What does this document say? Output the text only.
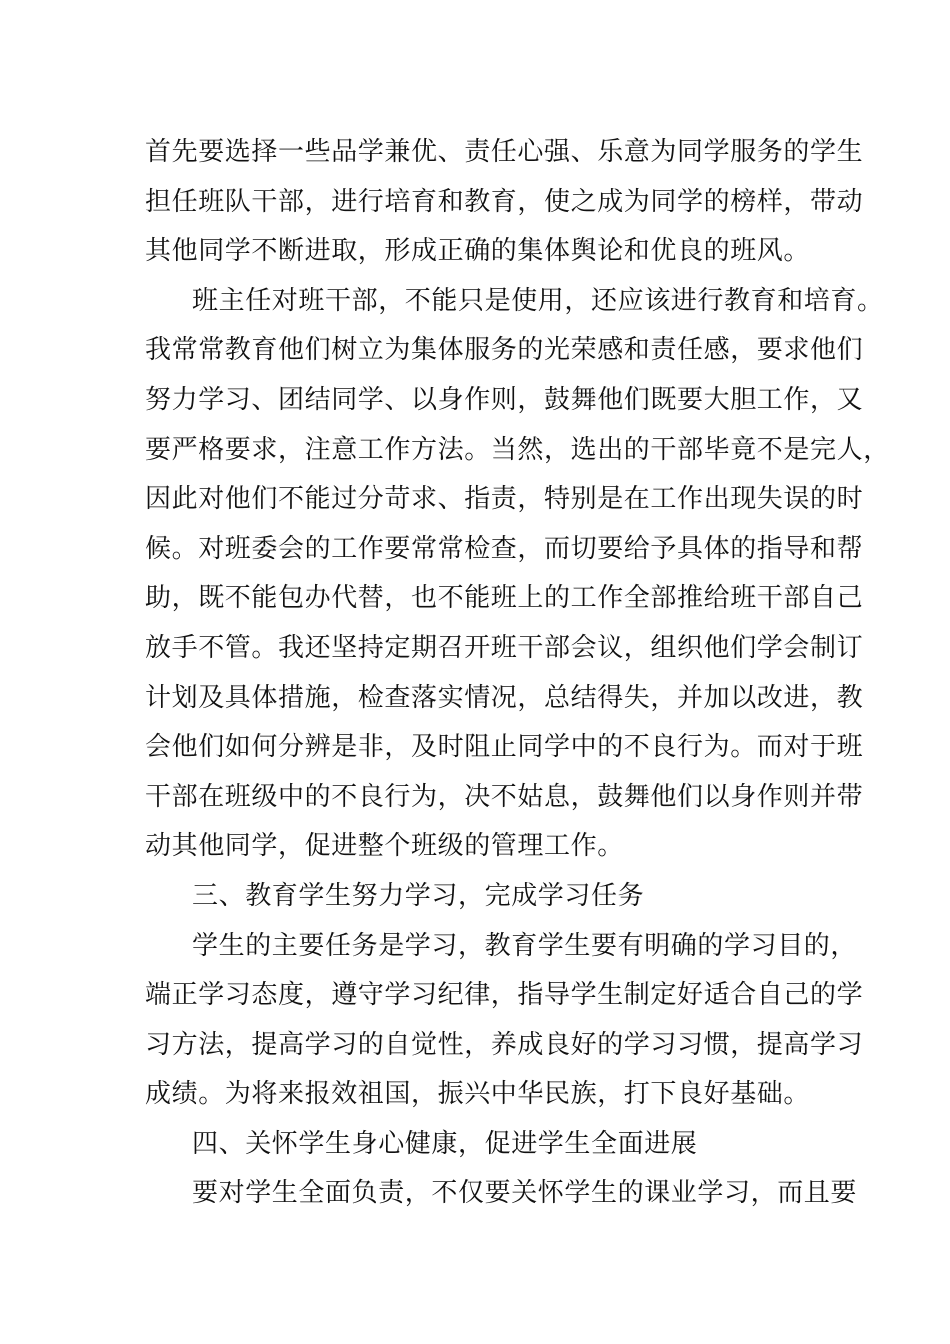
首先要选择一些品学兼优、责任心强、乐意为同学服务的学生
担任班队干部，进行培育和教育，使之成为同学的榜样，带动
其他同学不断进取，形成正确的集体舆论和优良的班风。
班主任对班干部，不能只是使用，还应该进行教育和培育。
我常常教育他们树立为集体服务的光荣感和责任感，要求他们
努力学习、团结同学、以身作则，鼓舞他们既要大胆工作，又
要严格要求，注意工作方法。当然，选出的干部毕竟不是完人，
因此对他们不能过分苛求、指责，特别是在工作出现失误的时
候。对班委会的工作要常常检查，而切要给予具体的指导和帮
助，既不能包办代替，也不能班上的工作全部推给班干部自己
放手不管。我还坚持定期召开班干部会议，组织他们学会制订
计划及具体措施，检查落实情况，总结得失，并加以改进，教
会他们如何分辨是非，及时阻止同学中的不良行为。而对于班
干部在班级中的不良行为，决不姑息，鼓舞他们以身作则并带
动其他同学，促进整个班级的管理工作。
三、教育学生努力学习，完成学习任务
学生的主要任务是学习，教育学生要有明确的学习目的，
端正学习态度，遵守学习纪律，指导学生制定好适合自己的学
习方法，提高学习的自觉性，养成良好的学习习惯，提高学习
成绩。为将来报效祖国，振兴中华民族，打下良好基础。
四、关怀学生身心健康，促进学生全面进展
要对学生全面负责，不仅要关怀学生的课业学习，而且要
